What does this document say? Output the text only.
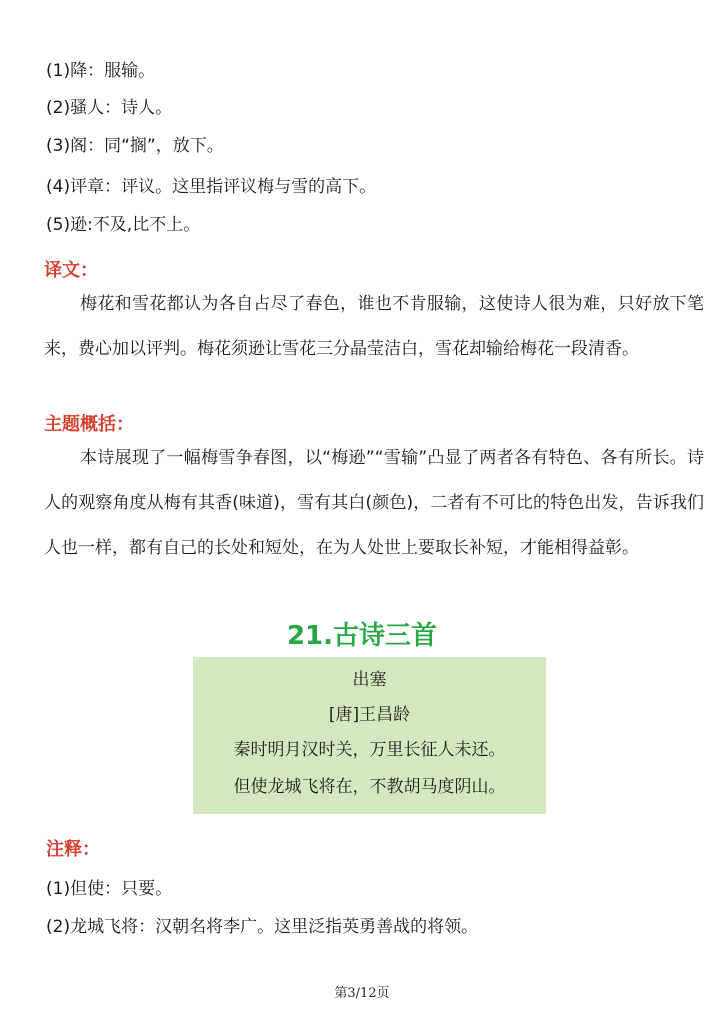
(1)降：服输。
(2)骚人：诗人。
(3)阁：同“搁”，放下。
(4)评章：评议。这里指评议梅与雪的高下。
(5)逊:不及,比不上。
译文：
梅花和雪花都认为各自占尽了春色，谁也不肯服输，这使诗人很为难，只好放下笔来，费心加以评判。梅花须逊让雪花三分晶莹洁白，雪花却输给梅花一段清香。
主题概括：
本诗展现了一幅梅雪争春图，以“梅逊”“雪输”凸显了两者各有特色、各有所长。诗人的观察角度从梅有其香(味道)，雪有其白(颜色)，二者有不可比的特色出发，告诉我们人也一样，都有自己的长处和短处，在为人处世上要取长补短，才能相得益彰。
21.古诗三首
出塞
[唐]王昌龄
秦时明月汉时关，万里长征人未还。
但使龙城飞将在，不教胡马度阴山。
注释：
(1)但使：只要。
(2)龙城飞将：汉朝名将李广。这里泛指英勇善战的将领。
第3/12页
